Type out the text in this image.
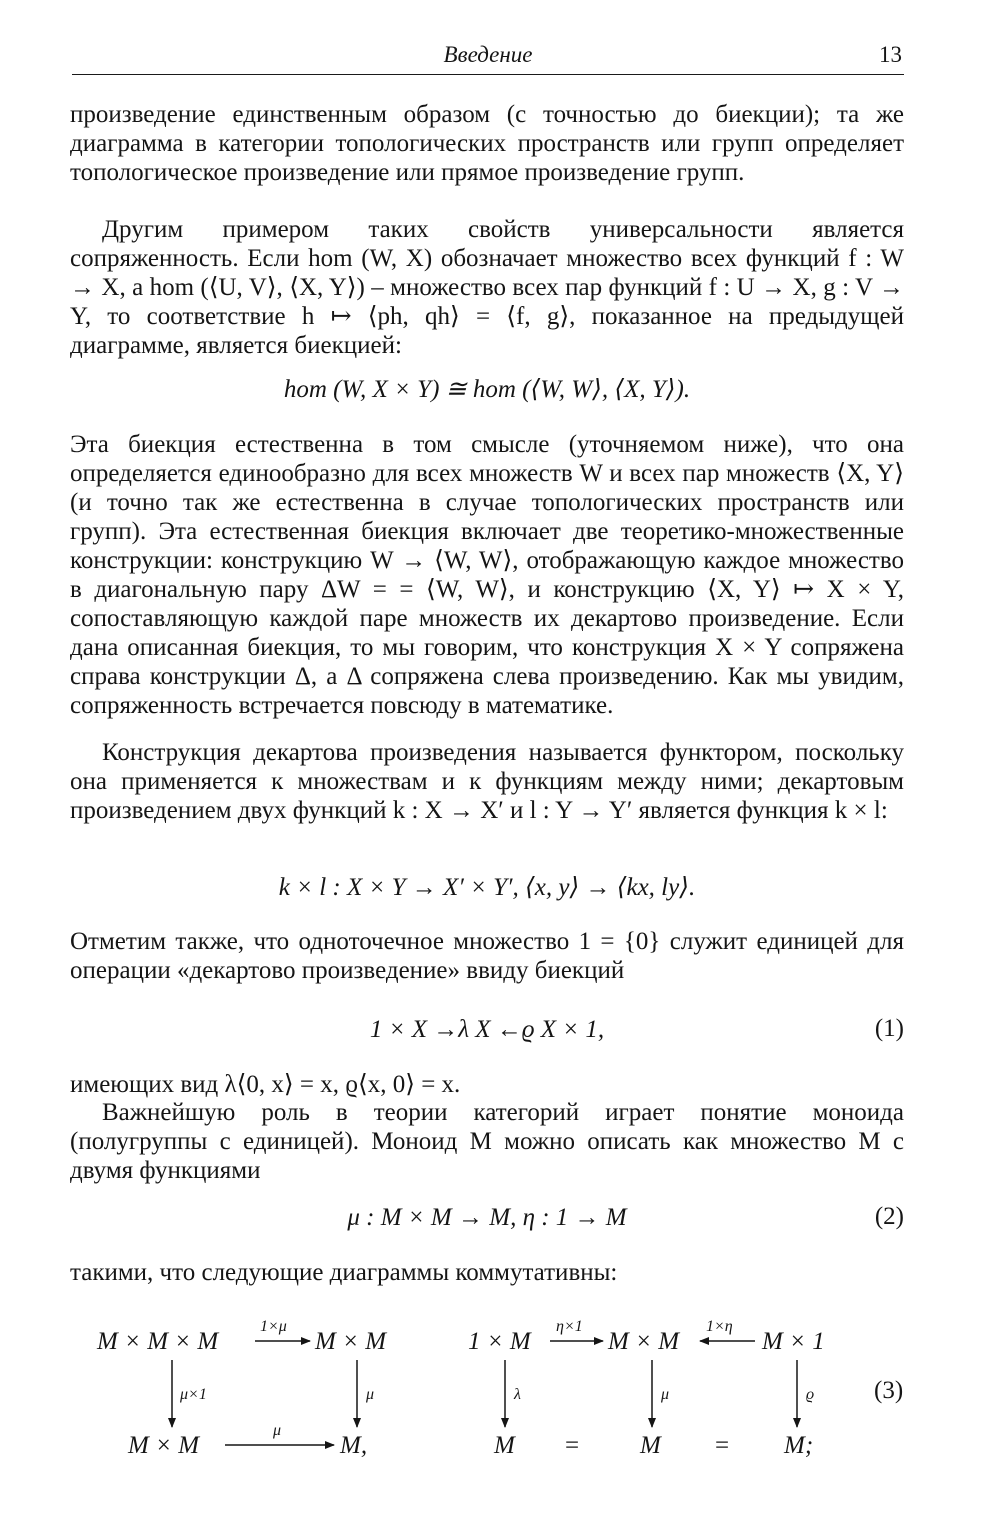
Введение	13

произведение единственным образом (с точностью до биекции); та же диаграмма в категории топологических пространств или групп определяет топологическое произведение или прямое произведение групп.

Другим примером таких свойств универсальности является сопряженность. Если hom (W, X) обозначает множество всех функций f : W → X, а hom (⟨U, V⟩, ⟨X, Y⟩) – множество всех пар функций f : U → X, g : V → Y, то соответствие h ↦ ⟨ph, qh⟩ = ⟨f, g⟩, показанное на предыдущей диаграмме, является биекцией:

hom (W, X × Y) ≅ hom (⟨W, W⟩, ⟨X, Y⟩).

Эта биекция естественна в том смысле (уточняемом ниже), что она определяется единообразно для всех множеств W и всех пар множеств ⟨X, Y⟩ (и точно так же естественна в случае топологических пространств или групп). Эта естественная биекция включает две теоретико-множественные конструкции: конструкцию W → ⟨W, W⟩, отображающую каждое множество в диагональную пару ΔW = = ⟨W, W⟩, и конструкцию ⟨X, Y⟩ ↦ X × Y, сопоставляющую каждой паре множеств их декартово произведение. Если дана описанная биекция, то мы говорим, что конструкция X × Y сопряжена справа конструкции Δ, а Δ сопряжена слева произведению. Как мы увидим, сопряженность встречается повсюду в математике.

Конструкция декартова произведения называется функтором, поскольку она применяется к множествам и к функциям между ними; декартовым произведением двух функций k : X → X′ и l : Y → Y′ является функция k × l:

k × l : X × Y → X′ × Y′, ⟨x, y⟩ → ⟨kx, ly⟩.

Отметим также, что одноточечное множество 1 = {0} служит единицей для операции «декартово произведение» ввиду биекций

1 × X →λ X ←ϱ X × 1,	(1)

имеющих вид λ⟨0, x⟩ = x, ϱ⟨x, 0⟩ = x.

Важнейшую роль в теории категорий играет понятие моноида (полугруппы с единицей). Моноид M можно описать как множество M с двумя функциями

μ : M × M → M, η : 1 → M	(2)

такими, что следующие диаграммы коммутативны:

M × M × M	M × M
M × M	M,
1×μ
μ×1	μ
μ
1 × M	M × M	M × 1
η×1	1×η
λ	μ	ϱ
M = M = M;
(3)
